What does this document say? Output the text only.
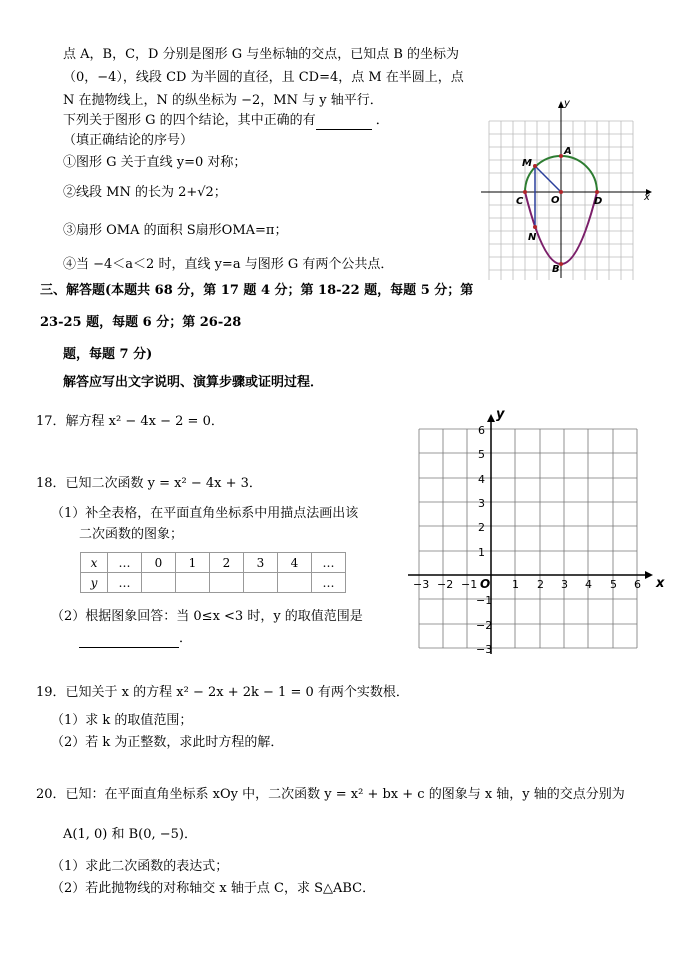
点 A，B，C，D 分别是图形 G 与坐标轴的交点，已知点 B 的坐标为
（0，−4），线段 CD 为半圆的直径，且 CD=4，点 M 在半圆上，点
N 在抛物线上，N 的纵坐标为 −2，MN 与 y 轴平行．
下列关于图形 G 的四个结论，其中正确的有	．
（填正确结论的序号）
①图形 G 关于直线 y=0 对称；
②线段 MN 的长为 2+√2；
③扇形 OMA 的面积 S扇形OMA=π；
④当 −4＜a＜2 时，直线 y=a 与图形 G 有两个公共点．
x
y
A
B
C	D
M
N
O
三、解答题(本题共 68 分，第 17 题 4 分；第 18-22 题，每题 5 分；第
23-25 题，每题 6 分；第 26-28
题，每题 7 分)
解答应写出文字说明、演算步骤或证明过程．
17．解方程 x² − 4x − 2 = 0．
18．已知二次函数 y = x² − 4x + 3．
（1）补全表格，在平面直角坐标系中用描点法画出该
二次函数的图象；
x	…	0	1	2	3	4	…
y	…						…
（2）根据图象回答：当 0≤x <3 时，y 的取值范围是
．
x
y
O
−3 −2 −1	1 2 3 4 5 6
6
5
4
3
2
1
−1
−2
−3
19．已知关于 x 的方程 x² − 2x + 2k − 1 = 0 有两个实数根．
（1）求 k 的取值范围；
（2）若 k 为正整数，求此时方程的解．
20．已知：在平面直角坐标系 xOy 中，二次函数 y = x² + bx + c 的图象与 x 轴，y 轴的交点分别为
A(1, 0) 和 B(0, −5)．
（1）求此二次函数的表达式；
（2）若此抛物线的对称轴交 x 轴于点 C，求 S△ABC．
